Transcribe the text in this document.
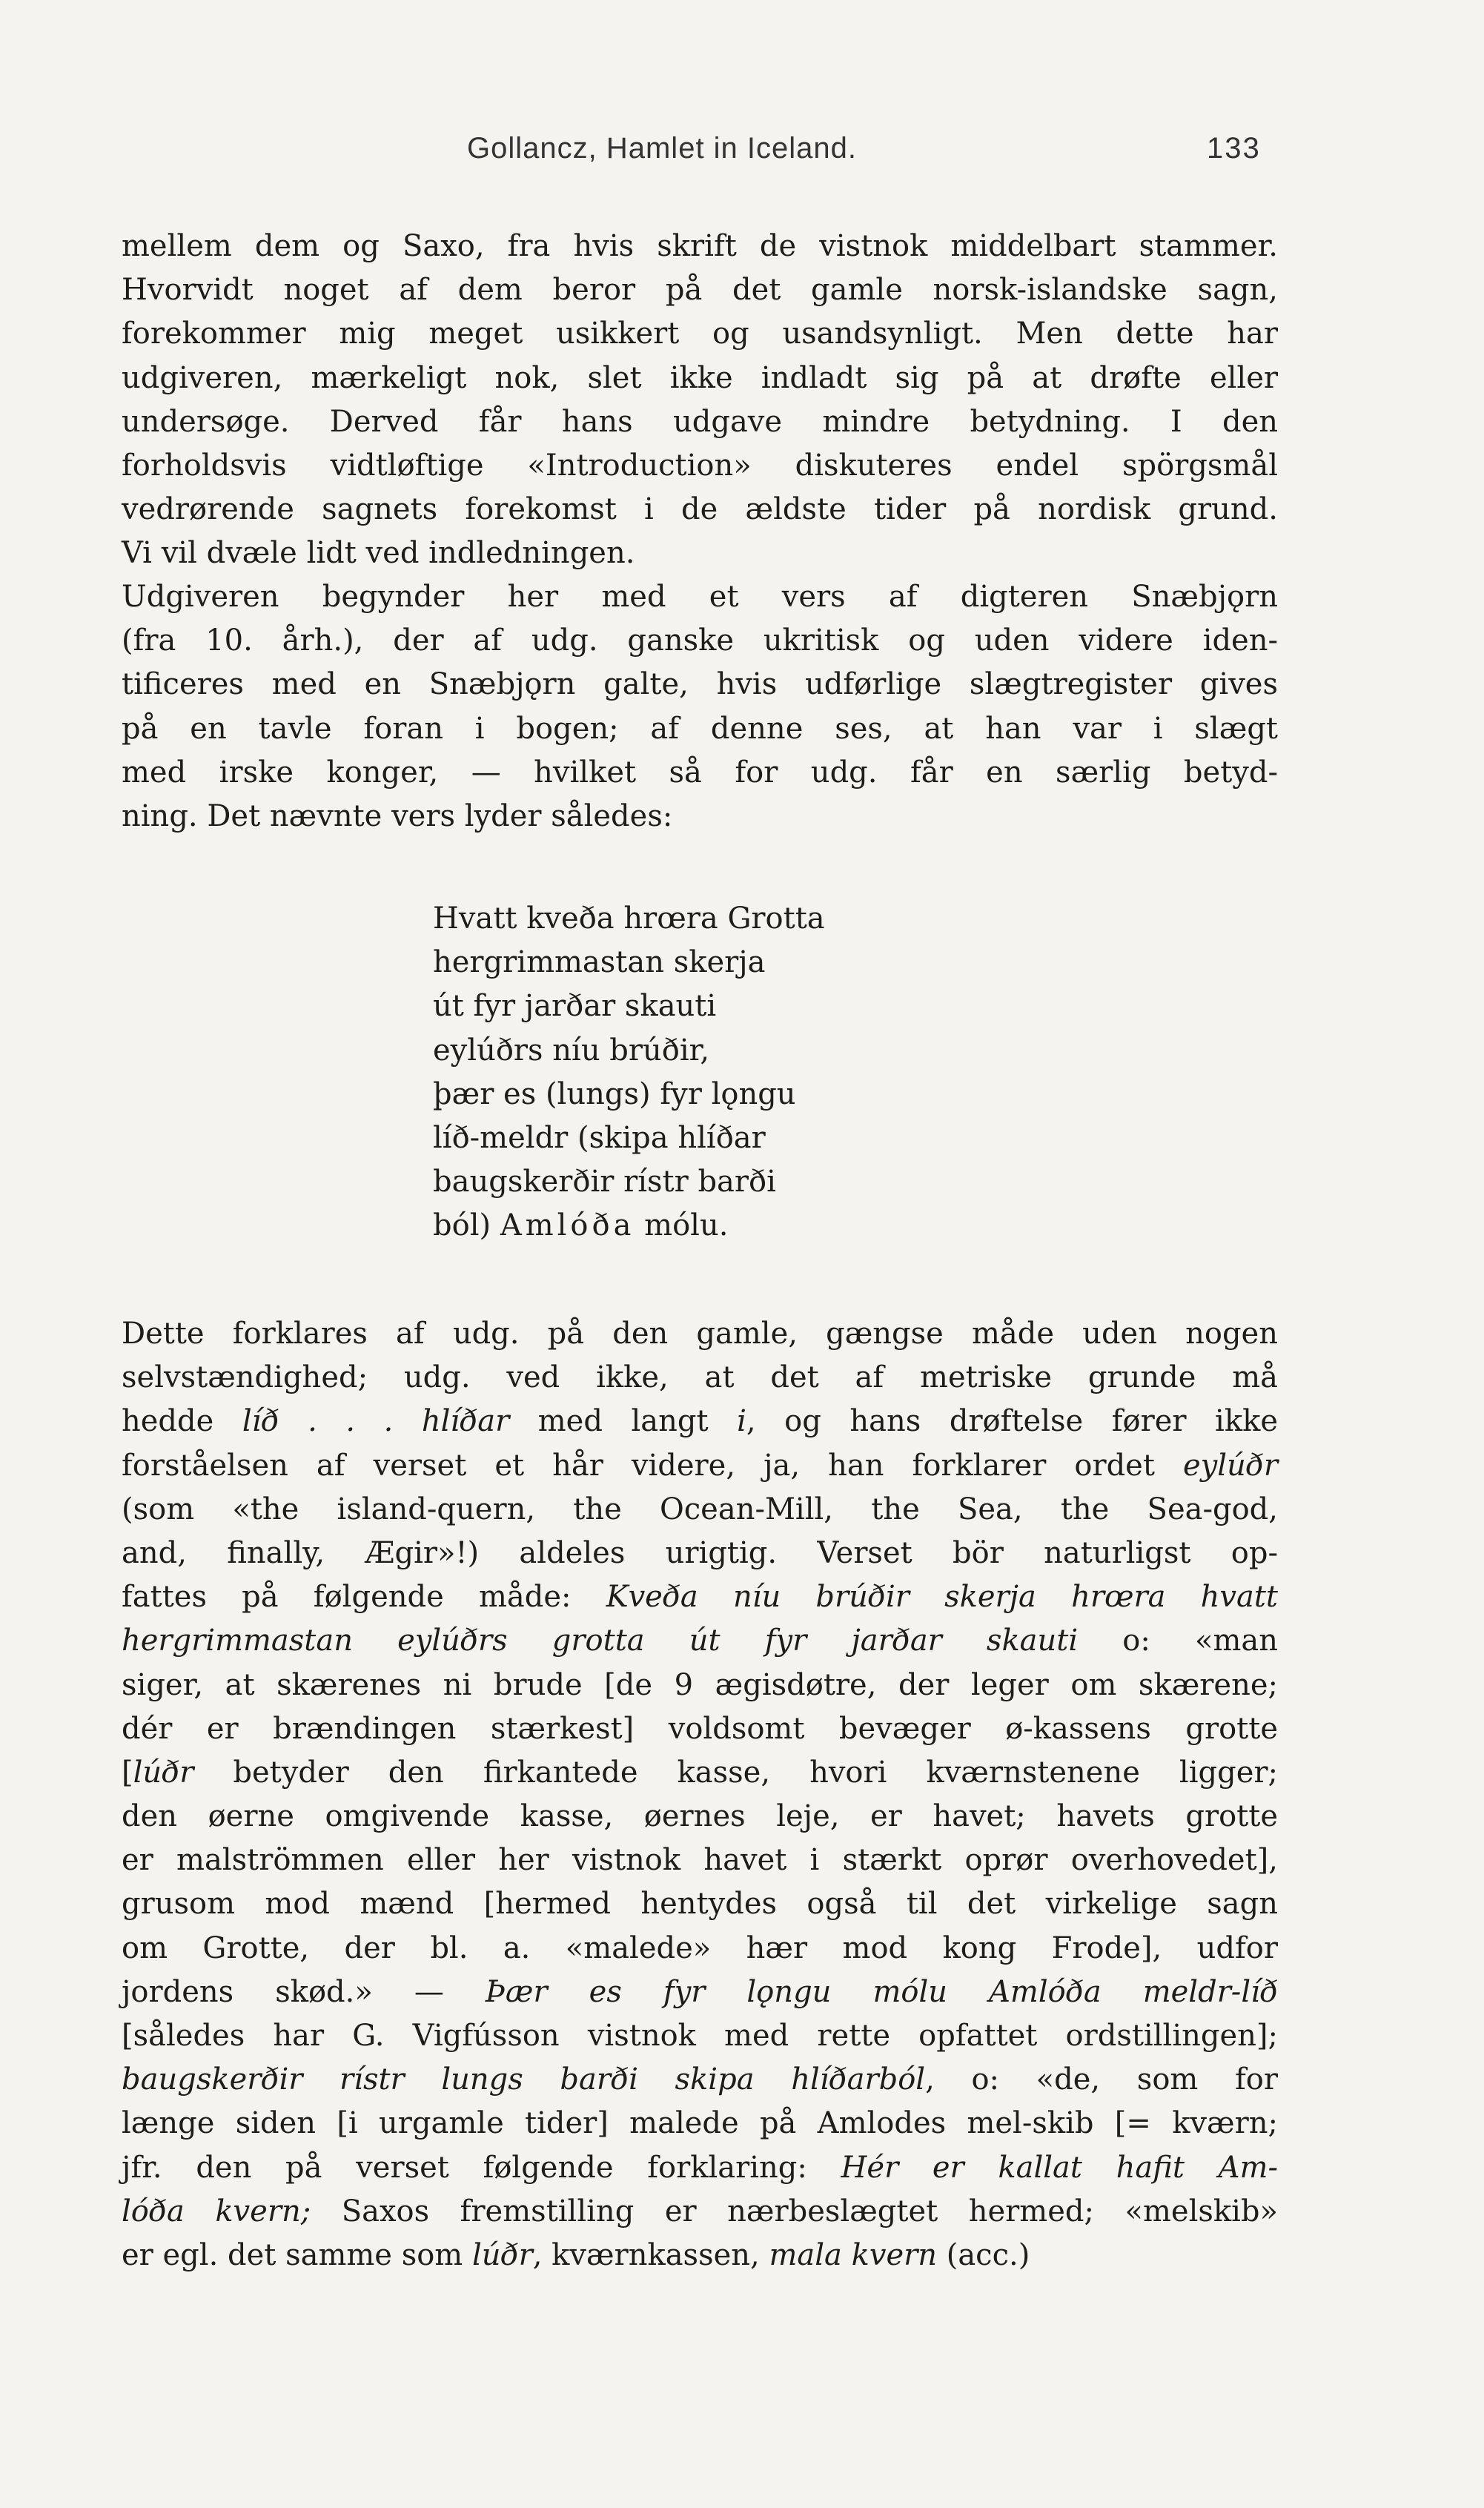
Gollancz, Hamlet in Iceland.	133
mellem dem og Saxo, fra hvis skrift de vistnok middelbart stammer.
Hvorvidt noget af dem beror på det gamle norsk-islandske sagn,
forekommer mig meget usikkert og usandsynligt. Men dette har
udgiveren, mærkeligt nok, slet ikke indladt sig på at drøfte eller
undersøge. Derved får hans udgave mindre betydning. I den
forholdsvis vidtløftige «Introduction» diskuteres endel spörgsmål
vedrørende sagnets forekomst i de ældste tider på nordisk grund.
Vi vil dvæle lidt ved indledningen.
Udgiveren begynder her med et vers af digteren Snæbjǫrn
(fra 10. årh.), der af udg. ganske ukritisk og uden videre iden-
tificeres med en Snæbjǫrn galte, hvis udførlige slægtregister gives
på en tavle foran i bogen; af denne ses, at han var i slægt
med irske konger, — hvilket så for udg. får en særlig betyd-
ning. Det nævnte vers lyder således:
Hvatt kveða hrœra Grotta
hergrimmastan skerja
út fyr jarðar skauti
eylúðrs níu brúðir,
þær es (lungs) fyr lǫngu
líð-meldr (skipa hlíðar
baugskerðir rístr barði
ból) Amlóða mólu.
Dette forklares af udg. på den gamle, gængse måde uden nogen
selvstændighed; udg. ved ikke, at det af metriske grunde må
hedde líð . . . hlíðar med langt i, og hans drøftelse fører ikke
forståelsen af verset et hår videre, ja, han forklarer ordet eylúðr
(som «the island-quern, the Ocean-Mill, the Sea, the Sea-god,
and, finally, Ægir»!) aldeles urigtig. Verset bör naturligst op-
fattes på følgende måde: Kveða níu brúðir skerja hrœra hvatt
hergrimmastan eylúðrs grotta út fyr jarðar skauti o: «man
siger, at skærenes ni brude [de 9 ægisdøtre, der leger om skærene;
dér er brændingen stærkest] voldsomt bevæger ø-kassens grotte
[lúðr betyder den firkantede kasse, hvori kværnstenene ligger;
den øerne omgivende kasse, øernes leje, er havet; havets grotte
er malströmmen eller her vistnok havet i stærkt oprør overhovedet],
grusom mod mænd [hermed hentydes også til det virkelige sagn
om Grotte, der bl. a. «malede» hær mod kong Frode], udfor
jordens skød.» — Þær es fyr lǫngu mólu Amlóða meldr-líð
[således har G. Vigfússon vistnok med rette opfattet ordstillingen];
baugskerðir rístr lungs barði skipa hlíðarból, o: «de, som for
længe siden [i urgamle tider] malede på Amlodes mel-skib [= kværn;
jfr. den på verset følgende forklaring: Hér er kallat hafit Am-
lóða kvern; Saxos fremstilling er nærbeslægtet hermed; «melskib»
er egl. det samme som lúðr, kværnkassen, mala kvern (acc.)
